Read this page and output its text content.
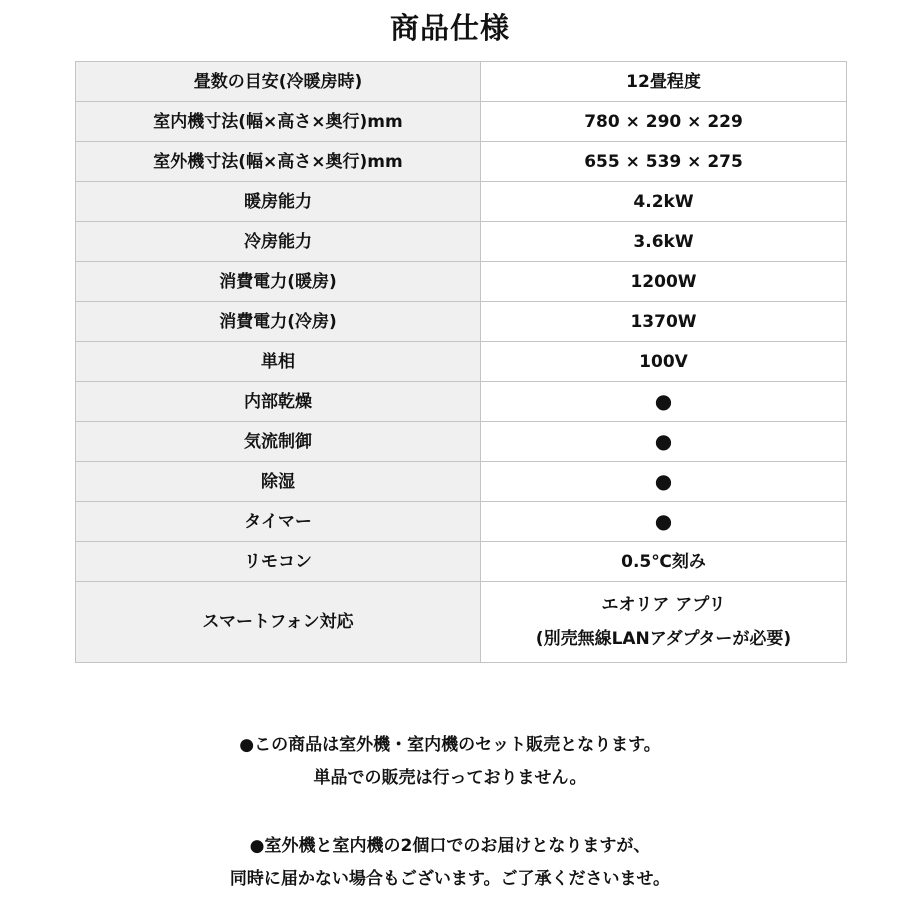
商品仕様
畳数の目安(冷暖房時)	12畳程度
室内機寸法(幅×高さ×奥行)mm	780 × 290 × 229
室外機寸法(幅×高さ×奥行)mm	655 × 539 × 275
暖房能力	4.2kW
冷房能力	3.6kW
消費電力(暖房)	1200W
消費電力(冷房)	1370W
単相	100V
内部乾燥	●
気流制御	●
除湿	●
タイマー	●
リモコン	0.5℃刻み
スマートフォン対応	エオリア アプリ
(別売無線LANアダプターが必要)

●この商品は室外機・室内機のセット販売となります。

単品での販売は行っておりません。

●室外機と室内機の2個口でのお届けとなりますが、

同時に届かない場合もございます。ご了承くださいませ。
